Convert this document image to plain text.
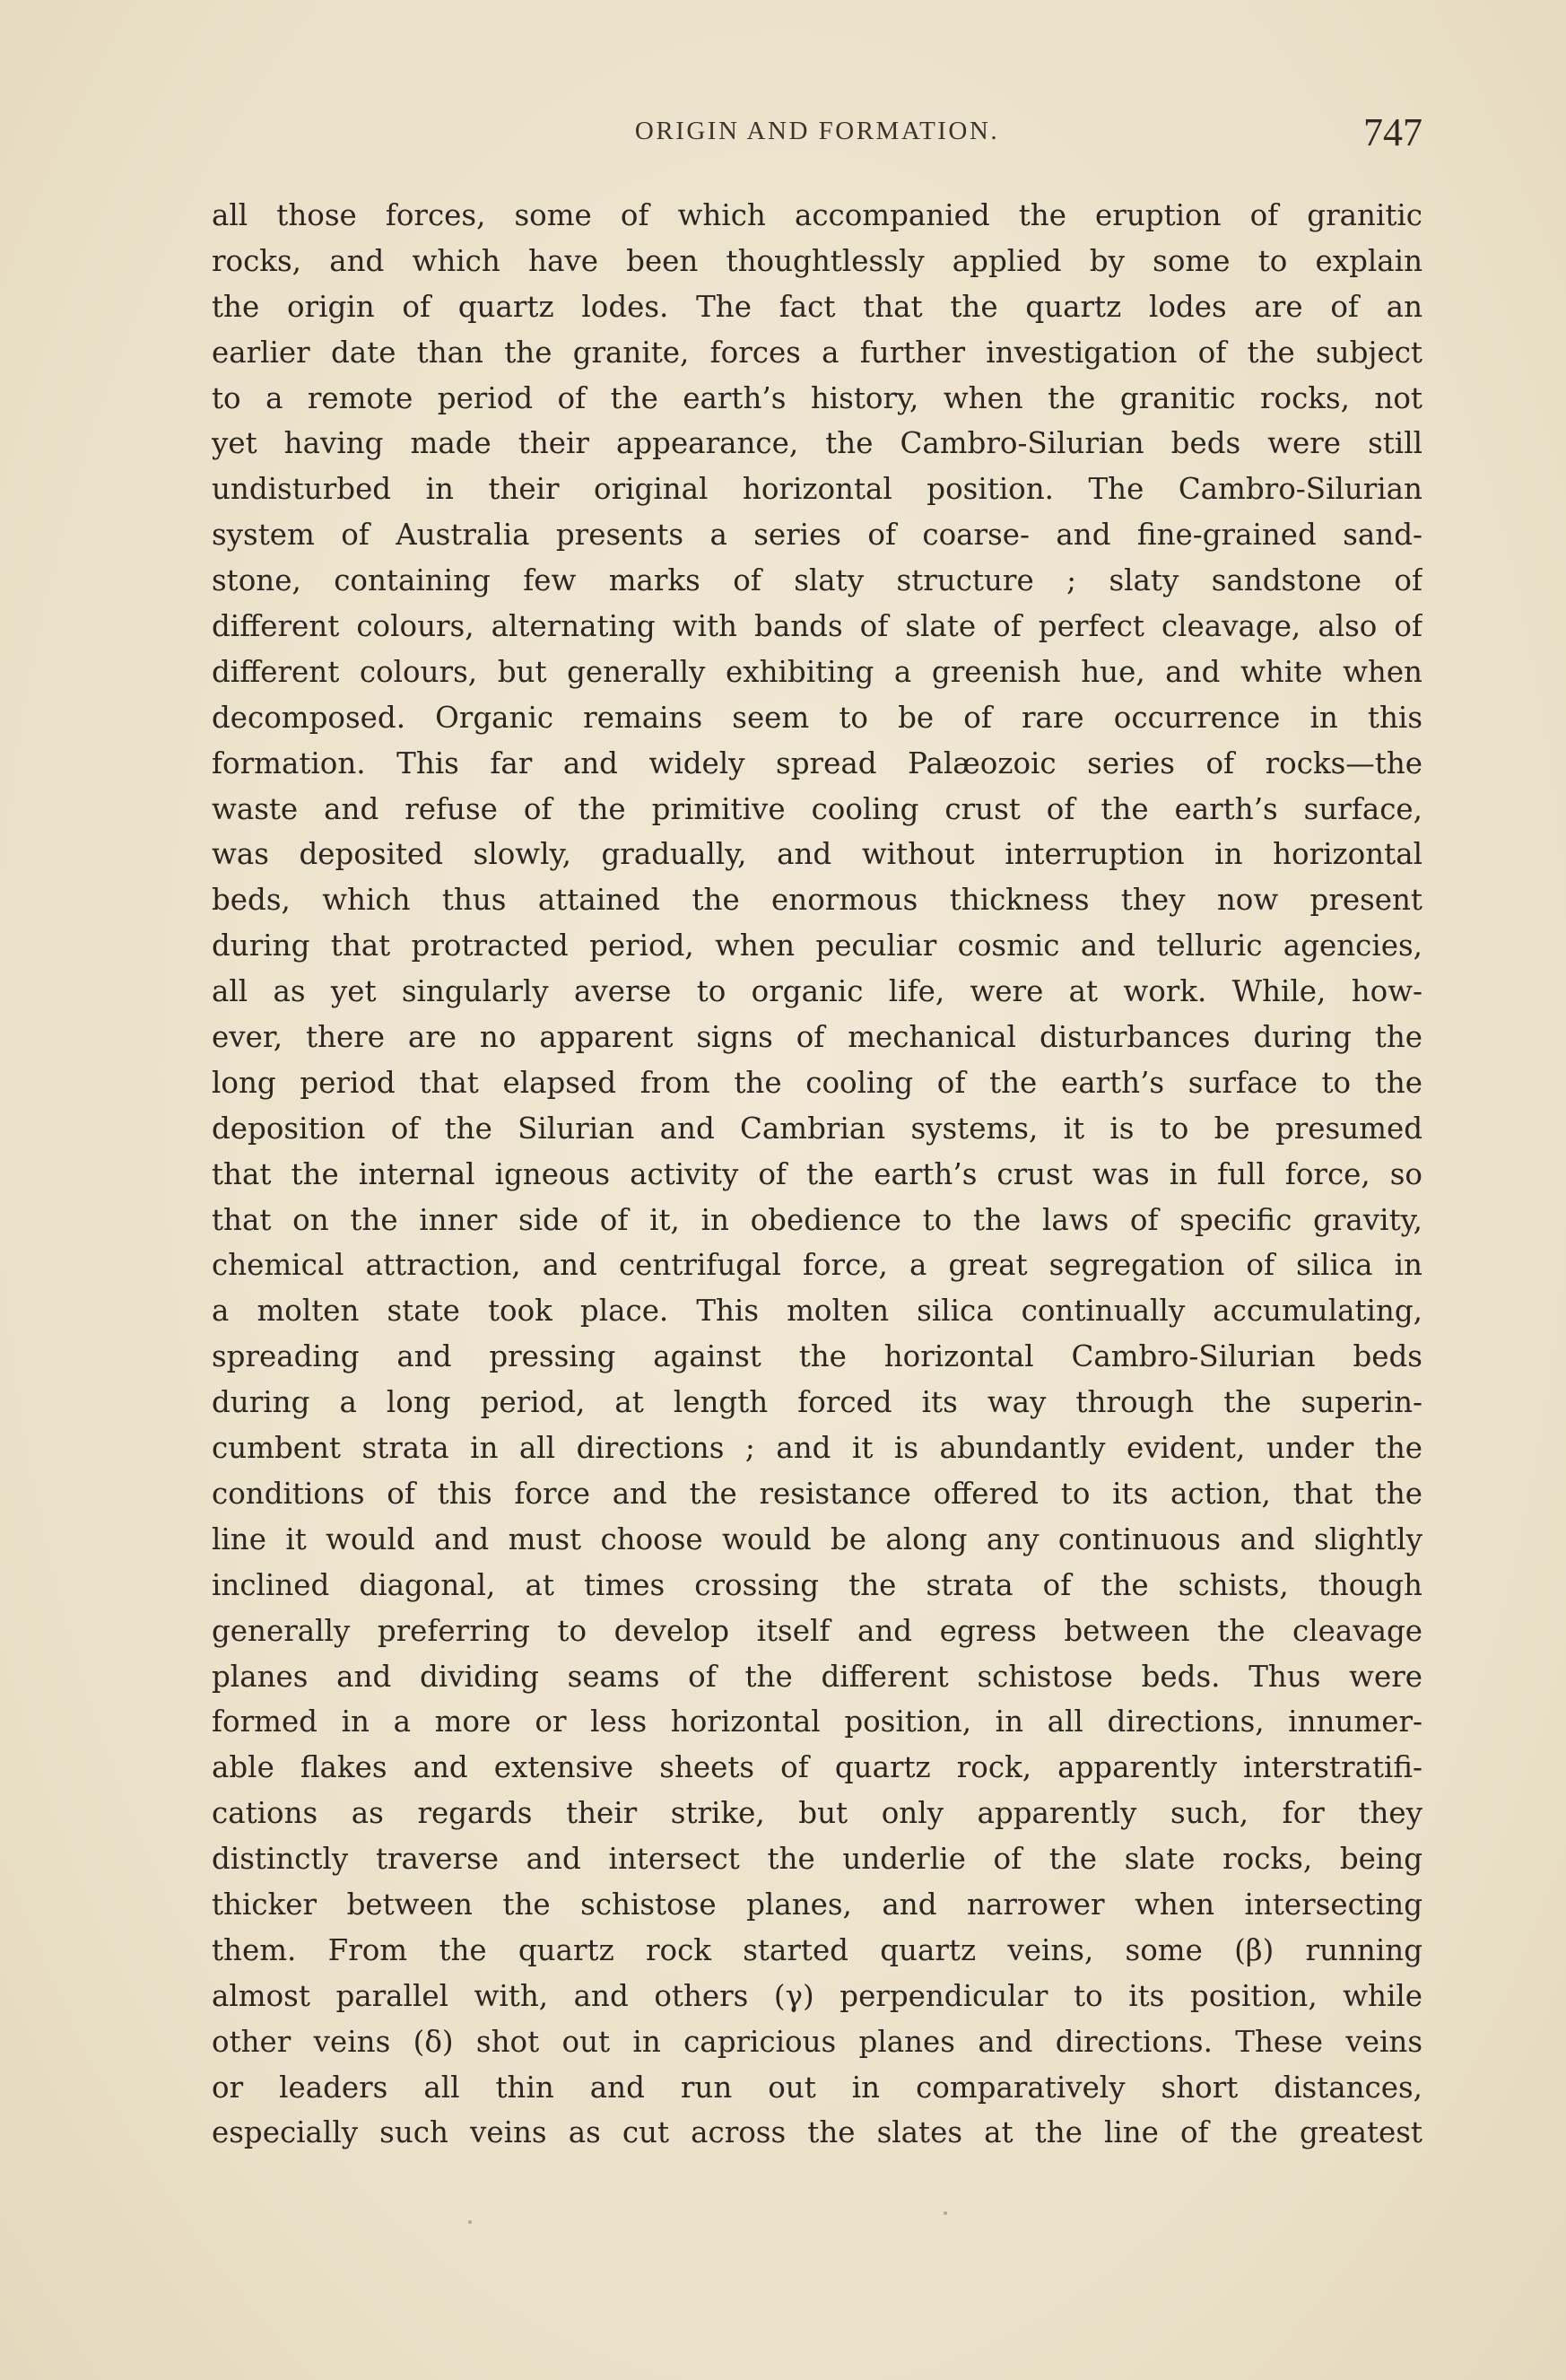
ORIGIN AND FORMATION.	747
all those forces, some of which accompanied the eruption of granitic
rocks, and which have been thoughtlessly applied by some to explain
the origin of quartz lodes. The fact that the quartz lodes are of an
earlier date than the granite, forces a further investigation of the subject
to a remote period of the earth’s history, when the granitic rocks, not
yet having made their appearance, the Cambro-Silurian beds were still
undisturbed in their original horizontal position. The Cambro-Silurian
system of Australia presents a series of coarse- and fine-grained sand-
stone, containing few marks of slaty structure ; slaty sandstone of
different colours, alternating with bands of slate of perfect cleavage, also of
different colours, but generally exhibiting a greenish hue, and white when
decomposed. Organic remains seem to be of rare occurrence in this
formation. This far and widely spread Palæozoic series of rocks—the
waste and refuse of the primitive cooling crust of the earth’s surface,
was deposited slowly, gradually, and without interruption in horizontal
beds, which thus attained the enormous thickness they now present
during that protracted period, when peculiar cosmic and telluric agencies,
all as yet singularly averse to organic life, were at work. While, how-
ever, there are no apparent signs of mechanical disturbances during the
long period that elapsed from the cooling of the earth’s surface to the
deposition of the Silurian and Cambrian systems, it is to be presumed
that the internal igneous activity of the earth’s crust was in full force, so
that on the inner side of it, in obedience to the laws of specific gravity,
chemical attraction, and centrifugal force, a great segregation of silica in
a molten state took place. This molten silica continually accumulating,
spreading and pressing against the horizontal Cambro-Silurian beds
during a long period, at length forced its way through the superin-
cumbent strata in all directions ; and it is abundantly evident, under the
conditions of this force and the resistance offered to its action, that the
line it would and must choose would be along any continuous and slightly
inclined diagonal, at times crossing the strata of the schists, though
generally preferring to develop itself and egress between the cleavage
planes and dividing seams of the different schistose beds. Thus were
formed in a more or less horizontal position, in all directions, innumer-
able flakes and extensive sheets of quartz rock, apparently interstratifi-
cations as regards their strike, but only apparently such, for they
distinctly traverse and intersect the underlie of the slate rocks, being
thicker between the schistose planes, and narrower when intersecting
them. From the quartz rock started quartz veins, some (β) running
almost parallel with, and others (γ) perpendicular to its position, while
other veins (δ) shot out in capricious planes and directions. These veins
or leaders all thin and run out in comparatively short distances,
especially such veins as cut across the slates at the line of the greatest
